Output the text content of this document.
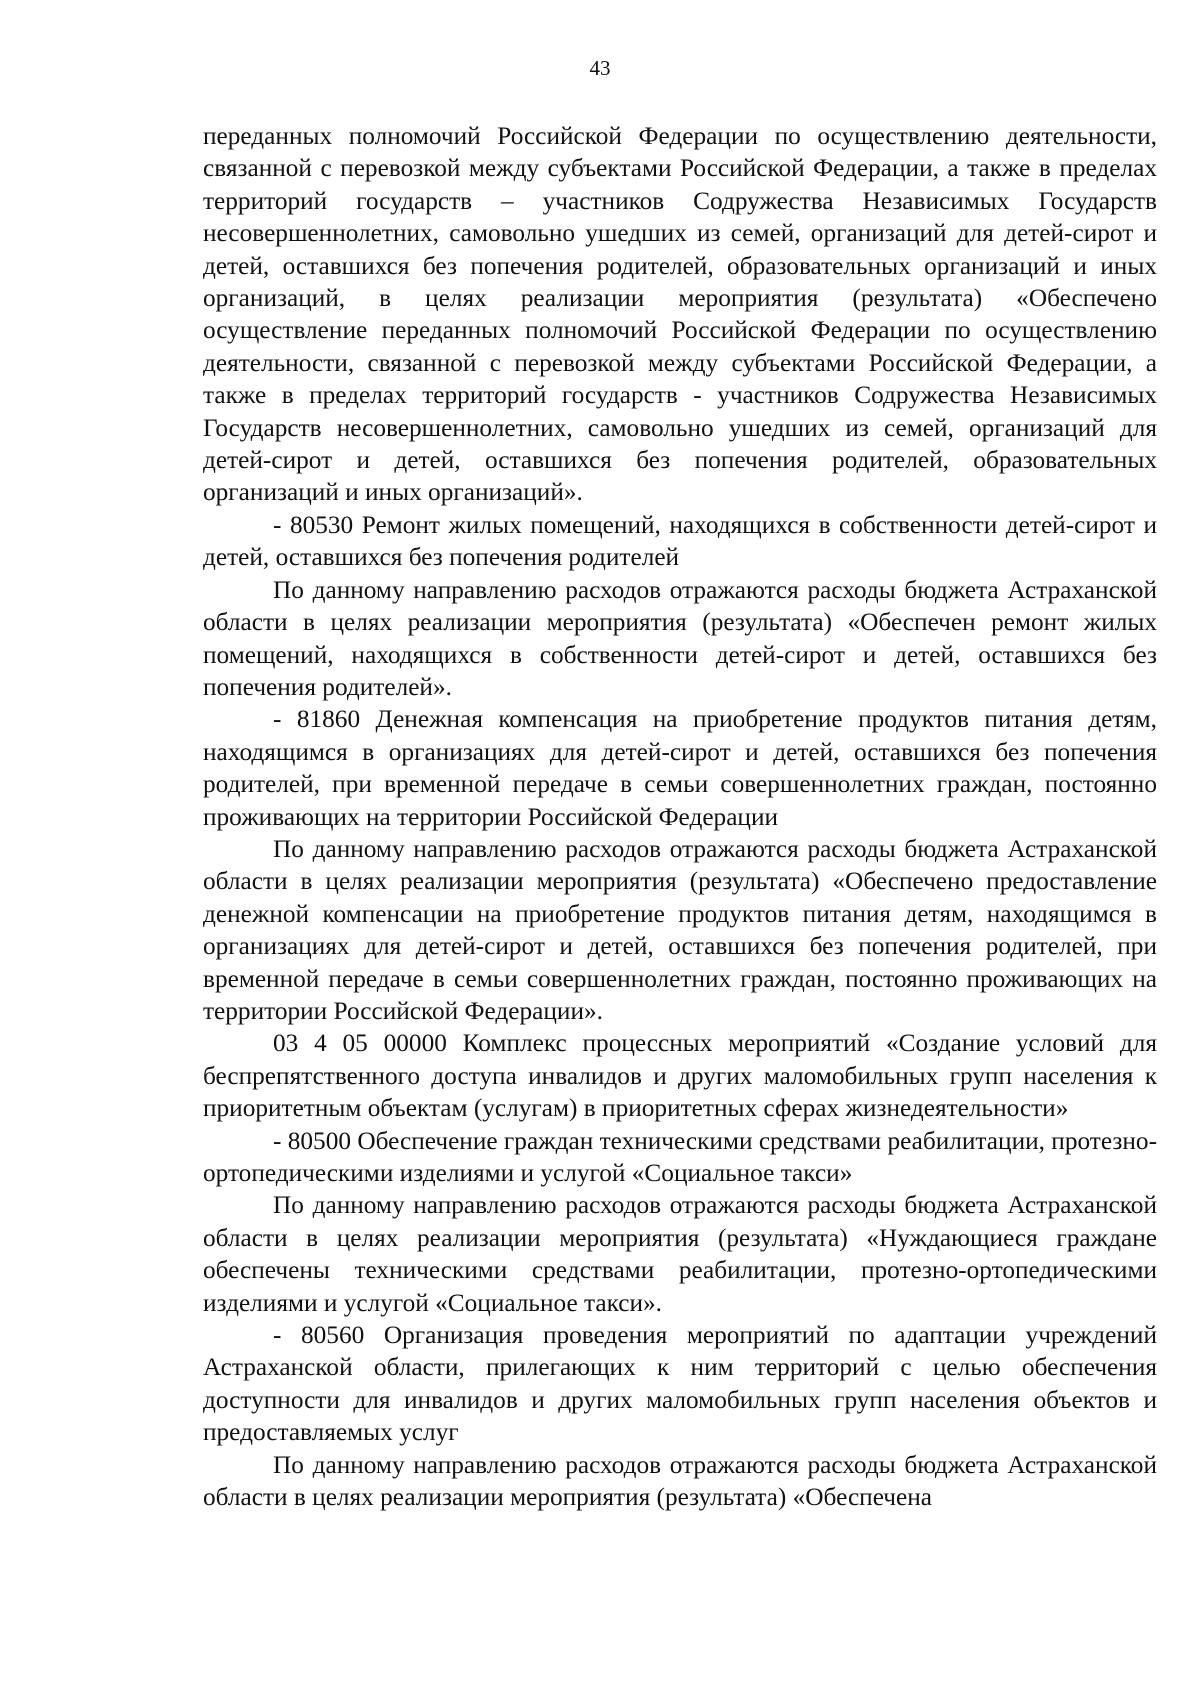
43

переданных полномочий Российской Федерации по осуществлению деятельности, связанной с перевозкой между субъектами Российской Федерации, а также в пределах территорий государств – участников Содружества Независимых Государств несовершеннолетних, самовольно ушедших из семей, организаций для детей-сирот и детей, оставшихся без попечения родителей, образовательных организаций и иных организаций, в целях реализации мероприятия (результата) «Обеспечено осуществление переданных полномочий Российской Федерации по осуществлению деятельности, связанной с перевозкой между субъектами Российской Федерации, а также в пределах территорий государств - участников Содружества Независимых Государств несовершеннолетних, самовольно ушедших из семей, организаций для детей-сирот и детей, оставшихся без попечения родителей, образовательных организаций и иных организаций».

- 80530 Ремонт жилых помещений, находящихся в собственности детей-сирот и детей, оставшихся без попечения родителей

По данному направлению расходов отражаются расходы бюджета Астраханской области в целях реализации мероприятия (результата) «Обеспечен ремонт жилых помещений, находящихся в собственности детей-сирот и детей, оставшихся без попечения родителей».

- 81860 Денежная компенсация на приобретение продуктов питания детям, находящимся в организациях для детей-сирот и детей, оставшихся без попечения родителей, при временной передаче в семьи совершеннолетних граждан, постоянно проживающих на территории Российской Федерации

По данному направлению расходов отражаются расходы бюджета Астраханской области в целях реализации мероприятия (результата) «Обеспечено предоставление денежной компенсации на приобретение продуктов питания детям, находящимся в организациях для детей-сирот и детей, оставшихся без попечения родителей, при временной передаче в семьи совершеннолетних граждан, постоянно проживающих на территории Российской Федерации».

03 4 05 00000 Комплекс процессных мероприятий «Создание условий для беспрепятственного доступа инвалидов и других маломобильных групп населения к приоритетным объектам (услугам) в приоритетных сферах жизнедеятельности»

- 80500 Обеспечение граждан техническими средствами реабилитации, протезно-ортопедическими изделиями и услугой «Социальное такси»

По данному направлению расходов отражаются расходы бюджета Астраханской области в целях реализации мероприятия (результата) «Нуждающиеся граждане обеспечены техническими средствами реабилитации, протезно-ортопедическими изделиями и услугой «Социальное такси».

- 80560 Организация проведения мероприятий по адаптации учреждений Астраханской области, прилегающих к ним территорий с целью обеспечения доступности для инвалидов и других маломобильных групп населения объектов и предоставляемых услуг

По данному направлению расходов отражаются расходы бюджета Астраханской области в целях реализации мероприятия (результата) «Обеспечена
